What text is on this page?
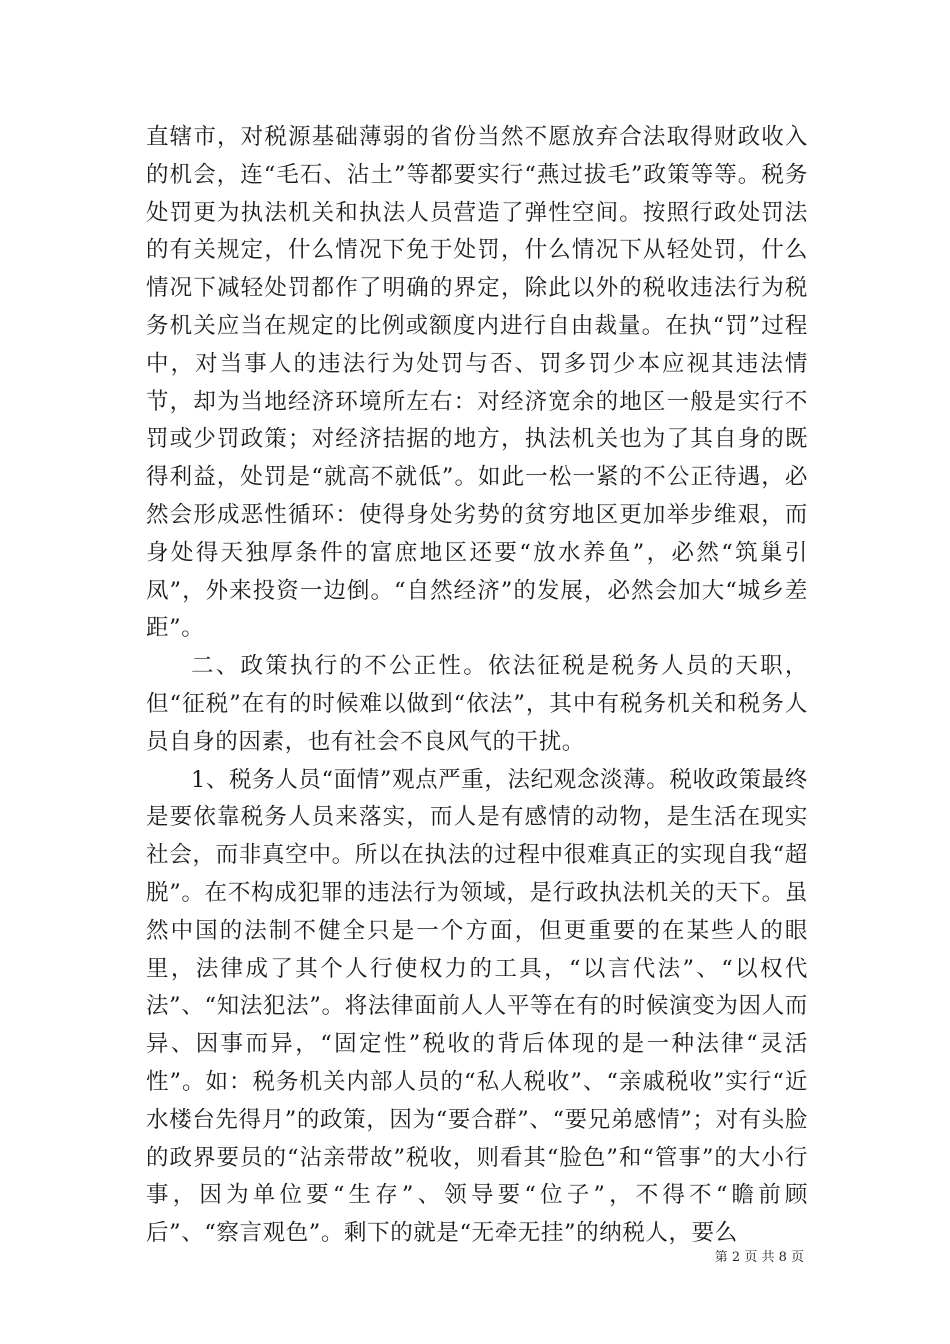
直辖市，对税源基础薄弱的省份当然不愿放弃合法取得财政收入的机会，连“毛石、沾土”等都要实行“燕过拔毛”政策等等。税务处罚更为执法机关和执法人员营造了弹性空间。按照行政处罚法的有关规定，什么情况下免于处罚，什么情况下从轻处罚，什么情况下减轻处罚都作了明确的界定，除此以外的税收违法行为税务机关应当在规定的比例或额度内进行自由裁量。在执“罚”过程中，对当事人的违法行为处罚与否、罚多罚少本应视其违法情节，却为当地经济环境所左右：对经济宽余的地区一般是实行不罚或少罚政策；对经济拮据的地方，执法机关也为了其自身的既得利益，处罚是“就高不就低”。如此一松一紧的不公正待遇，必然会形成恶性循环：使得身处劣势的贫穷地区更加举步维艰，而身处得天独厚条件的富庶地区还要“放水养鱼”，必然“筑巢引凤”，外来投资一边倒。“自然经济”的发展，必然会加大“城乡差距”。

二、政策执行的不公正性。依法征税是税务人员的天职，但“征税”在有的时候难以做到“依法”，其中有税务机关和税务人员自身的因素，也有社会不良风气的干扰。

1、税务人员“面情”观点严重，法纪观念淡薄。税收政策最终是要依靠税务人员来落实，而人是有感情的动物，是生活在现实社会，而非真空中。所以在执法的过程中很难真正的实现自我“超脱”。在不构成犯罪的违法行为领域，是行政执法机关的天下。虽然中国的法制不健全只是一个方面，但更重要的在某些人的眼里，法律成了其个人行使权力的工具，“以言代法”、“以权代法”、“知法犯法”。将法律面前人人平等在有的时候演变为因人而异、因事而异，“固定性”税收的背后体现的是一种法律“灵活性”。如：税务机关内部人员的“私人税收”、“亲戚税收”实行“近水楼台先得月”的政策，因为“要合群”、“要兄弟感情”；对有头脸的政界要员的“沾亲带故”税收，则看其“脸色”和“管事”的大小行事，因为单位要“生存”、领导要“位子”，不得不“瞻前顾后”、“察言观色”。剩下的就是“无牵无挂”的纳税人，要么

第 2 页 共 8 页
